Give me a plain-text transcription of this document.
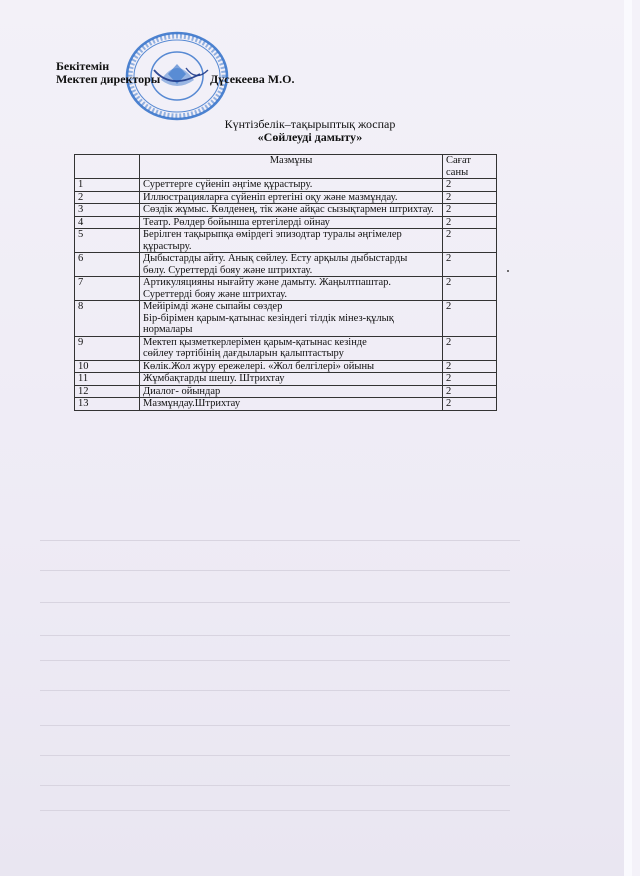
Бекітемін
Мектеп директоры	Дүсекеева М.О.
Күнтізбелік–тақырыптық жоспар
«Сөйлеуді дамыту»
	Мазмұны	Сағат саны
1	Суреттерге сүйеніп әңгіме құрастыру.	2
2	Иллюстрацияларға сүйеніп ертегіні оқу және мазмұндау.	2
3	Сөздік жұмыс. Көлденең, тік және айқас сызықтармен штрихтау.	2
4	Театр. Рөлдер бойынша ертегілерді ойнау	2
5	Берілген тақырыпқа өмірдегі эпизодтар туралы әңгімелер
құрастыру.	2
6	Дыбыстарды айту. Анық сөйлеу. Есту арқылы дыбыстарды
бөлу. Суреттерді бояу және штрихтау.	2
7	Артикуляцияны нығайту және дамыту. Жаңылтпаштар.
Суреттерді бояу және штрихтау.	2
8	Мейірімді және сыпайы сөздер
Бір-бірімен қарым-қатынас кезіндегі тілдік мінез-құлық
нормалары	2
9	Мектеп қызметкерлерімен қарым-қатынас кезінде
сөйлеу тәртібінің дағдыларын қалыптастыру	2
10	Көлік.Жол жүру ережелері. «Жол белгілері» ойыны	2
11	Жұмбақтарды шешу. Штрихтау	2
12	Диалог- ойындар	2
13	Мазмұндау.Штрихтау	2
